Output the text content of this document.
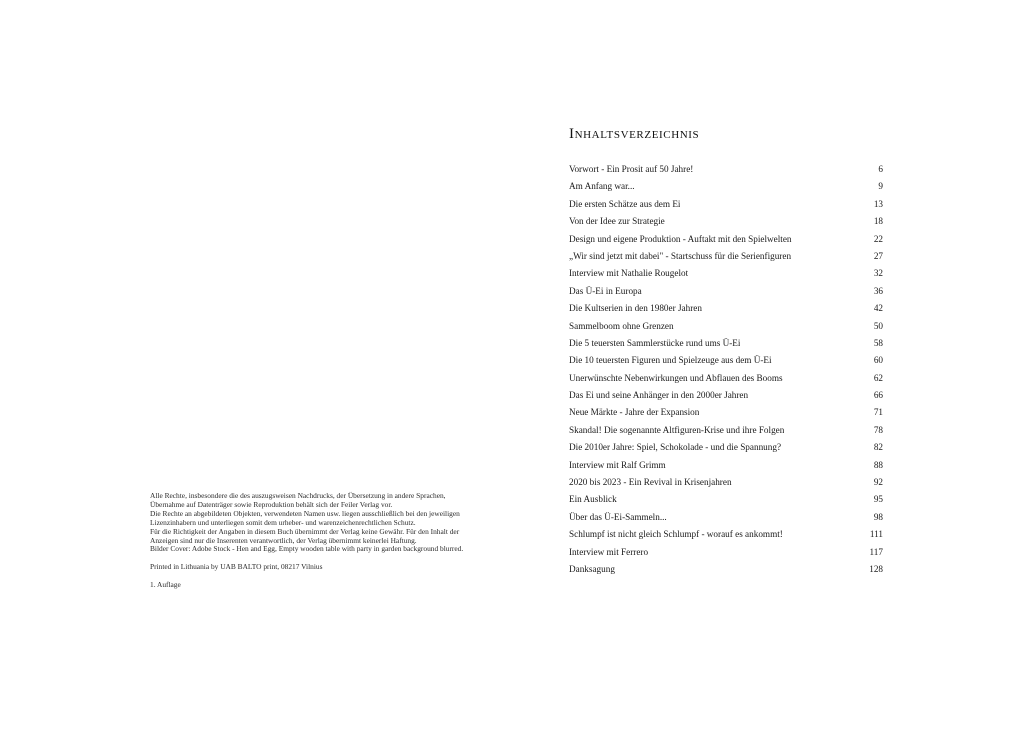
Alle Rechte, insbesondere die des auszugsweisen Nachdrucks, der Übersetzung in andere Sprachen,
Übernahme auf Datenträger sowie Reproduktion behält sich der Feiler Verlag vor.
Die Rechte an abgebildeten Objekten, verwendeten Namen usw. liegen ausschließlich bei den jeweiligen
Lizenzinhabern und unterliegen somit dem urheber- und warenzeichenrechtlichen Schutz.
Für die Richtigkeit der Angaben in diesem Buch übernimmt der Verlag keine Gewähr. Für den Inhalt der
Anzeigen sind nur die Inserenten verantwortlich, der Verlag übernimmt keinerlei Haftung.
Bilder Cover: Adobe Stock - Hen and Egg, Empty wooden table with party in garden background blurred.
Printed in Lithuania by UAB BALTO print, 08217 Vilnius
1. Auflage
Inhaltsverzeichnis
Vorwort - Ein Prosit auf 50 Jahre!	6
Am Anfang war...	9
Die ersten Schätze aus dem Ei	13
Von der Idee zur Strategie	18
Design und eigene Produktion - Auftakt mit den Spielwelten	22
„Wir sind jetzt mit dabei" - Startschuss für die Serienfiguren	27
Interview mit Nathalie Rougelot	32
Das Ü-Ei in Europa	36
Die Kultserien in den 1980er Jahren	42
Sammelboom ohne Grenzen	50
Die 5 teuersten Sammlerstücke rund ums Ü-Ei	58
Die 10 teuersten Figuren und Spielzeuge aus dem Ü-Ei	60
Unerwünschte Nebenwirkungen und Abflauen des Booms	62
Das Ei und seine Anhänger in den 2000er Jahren	66
Neue Märkte - Jahre der Expansion	71
Skandal! Die sogenannte Altfiguren-Krise und ihre Folgen	78
Die 2010er Jahre: Spiel, Schokolade - und die Spannung?	82
Interview mit Ralf Grimm	88
2020 bis 2023 - Ein Revival in Krisenjahren	92
Ein Ausblick	95
Über das Ü-Ei-Sammeln...	98
Schlumpf ist nicht gleich Schlumpf - worauf es ankommt!	111
Interview mit Ferrero	117
Danksagung	128
